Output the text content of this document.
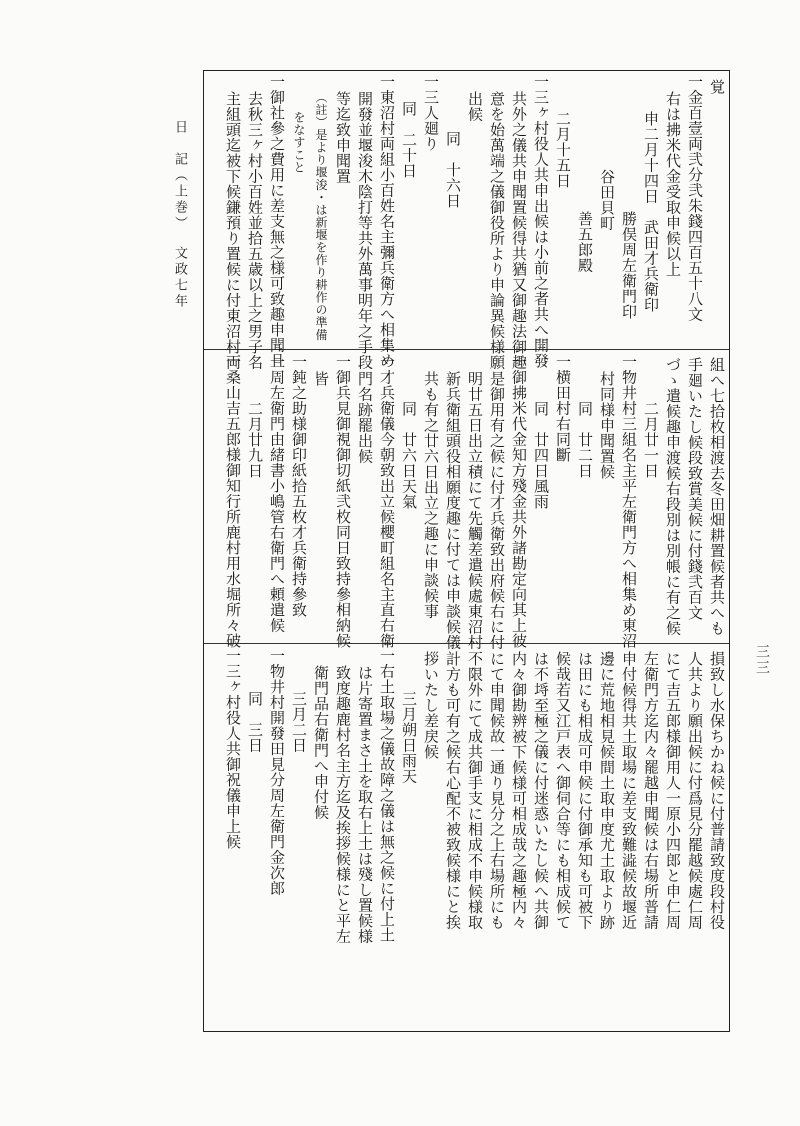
日　記（上巻）
文政七年
三三
覚
一金百壹両弐分弐朱錢四百五十八文
右は拂米代金受取申候以上
申二月十四日　武田才兵衛印
勝俣周左衛門印
谷田貝町
善五郎殿
二月十五日
一三ヶ村役人共申出候は小前之者共へ開發
共外之儀共申聞置候得共猶又御趣法御趣
意を始萬端之儀御役所より申論異候様願
出候
同　十六日
一三人廻り
同　二十日
一東沼村両組小百姓名主彌兵衛方へ相集め
開發並堰浚木陰打等共外萬事明年之手段
等迄致申聞置
（註）是より堰浚・は新堰を作り耕作の準備
をなすこと
一御社參之費用に差支無之様可致趣申聞且
去秋三ヶ村小百姓並拾五歳以上之男子名
主組頭迄被下候鎌預り置候に付東沼村両
組へ七拾枚相渡去冬田畑耕置候者共へも
手廻いたし候段致賞美候に付錢弐百文
づゝ遣候趣申渡候右段別は別帳に有之候
二月廿一日
一物井村三組名主平左衛門方へ相集め東沼
村同様申聞置候
同　廿二日
一横田村右同斷
同　廿四日風雨
一御拂米代金知方殘金共外諸勘定向其上彼
是御用有之候に付才兵衛致出府候右に付
明廿五日出立積にて先觸差遣候處東沼村
新兵衛組頭役相願度趣に付ては申談候儀
共も有之廿六日出立之趣に申談候事
同　廿六日天氣
一才兵衛儀今朝致出立候櫻町組名主直右衛
門名跡罷出候
一御兵見御視御切紙弐枚同日致持參相納候
皆
一鈍之助様御印紙拾五枚才兵衛持參致
一周左衛門由緒書小嶋管右衛門へ頼遣候
二月廿九日
一桑山吉五郎様御知行所鹿村用水堀所々破
損致し水保ちかね候に付普請致度段村役
人共より願出候に付爲見分罷越候處仁周
にて吉五郎様御用人一原小四郎と申仁周
左衛門方迄内々罷越申聞候は右場所普請
申付候得共土取場に差支致難澁候故堰近
邊に荒地相見候間土取申度尤土取より跡
は田にも相成可申候に付御承知も可被下
候哉若又江戸表へ御伺合等にも相成候て
は不埓至極之儀に付迷惑いたし候へ共御
内々御勘辨被下候様可相成哉之趣極内々
にて申聞候故一通り見分之上右場所にも
不限外にて成共御手支に相成不申候様取
計方も可有之候右心配不被致候様にと挨
拶いたし差戻候
三月朔日雨天
一右土取場之儀故障之儀は無之候に付上土
は片寄置まさ土を取右上土は殘し置候様
致度趣鹿村名主方迄及挨拶候様にと平左
衛門品右衛門へ申付候
三月二日
一物井村開發田見分周左衛門金次郎
同　三日
一三ヶ村役人共御祝儀申上候
